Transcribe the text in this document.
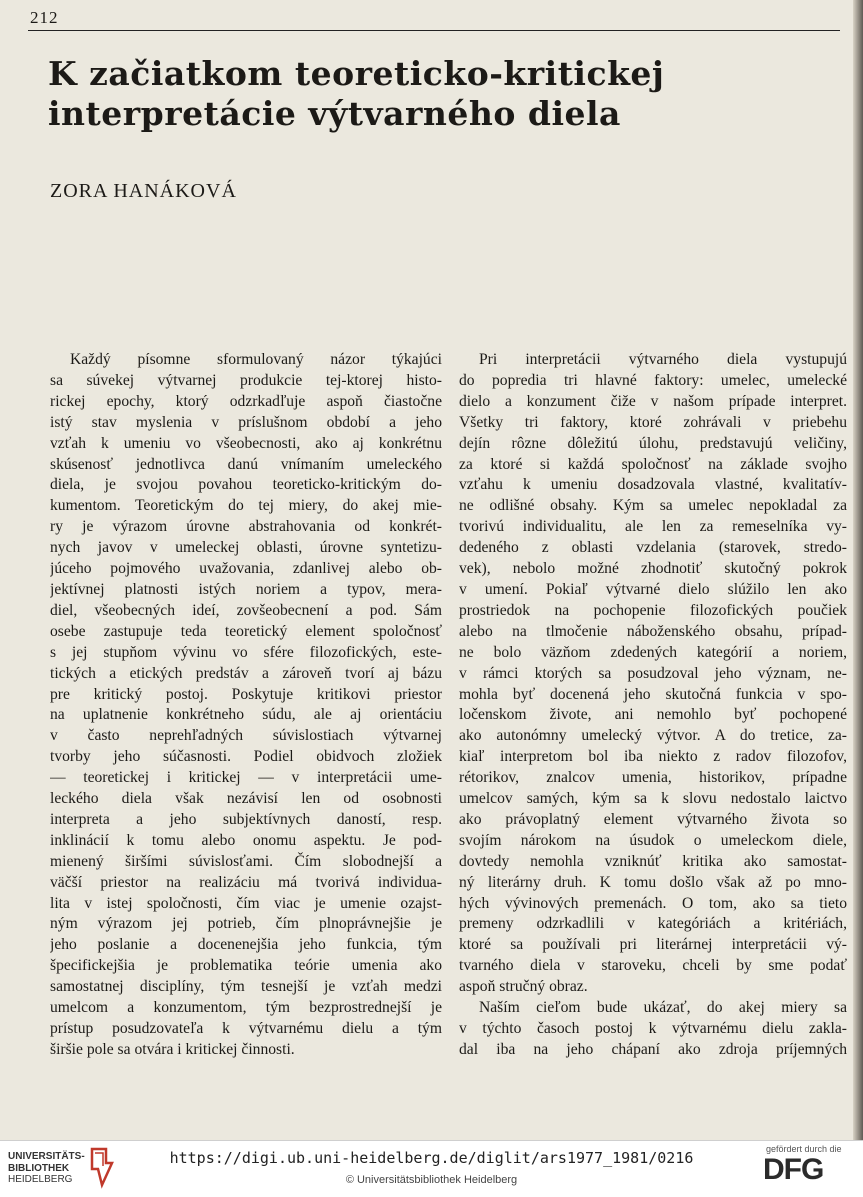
212
K začiatkom teoreticko-kritickej
interpretácie výtvarného diela
ZORA HANÁKOVÁ
Každý písomne sformulovaný názor týkajúci
sa súvekej výtvarnej produkcie tej-ktorej histo-
rickej epochy, ktorý odzrkadľuje aspoň čiastočne
istý stav myslenia v príslušnom období a jeho
vzťah k umeniu vo všeobecnosti, ako aj konkrétnu
skúsenosť jednotlivca danú vnímaním umeleckého
diela, je svojou povahou teoreticko-kritickým do-
kumentom. Teoretickým do tej miery, do akej mie-
ry je výrazom úrovne abstrahovania od konkrét-
nych javov v umeleckej oblasti, úrovne syntetizu-
júceho pojmového uvažovania, zdanlivej alebo ob-
jektívnej platnosti istých noriem a typov, mera-
diel, všeobecných ideí, zovšeobecnení a pod. Sám
osebe zastupuje teda teoretický element spoločnosť
s jej stupňom vývinu vo sfére filozofických, este-
tických a etických predstáv a zároveň tvorí aj bázu
pre kritický postoj. Poskytuje kritikovi priestor
na uplatnenie konkrétneho súdu, ale aj orientáciu
v často neprehľadných súvislostiach výtvarnej
tvorby jeho súčasnosti. Podiel obidvoch zložiek
— teoretickej i kritickej — v interpretácii ume-
leckého diela však nezávisí len od osobnosti
interpreta a jeho subjektívnych daností, resp.
inklinácií k tomu alebo onomu aspektu. Je pod-
mienený širšími súvislosťami. Čím slobodnejší a
väčší priestor na realizáciu má tvorivá individua-
lita v istej spoločnosti, čím viac je umenie ozajst-
ným výrazom jej potrieb, čím plnoprávnejšie je
jeho poslanie a docenenejšia jeho funkcia, tým
špecifickejšia je problematika teórie umenia ako
samostatnej disciplíny, tým tesnejší je vzťah medzi
umelcom a konzumentom, tým bezprostrednejší je
prístup posudzovateľa k výtvarnému dielu a tým
širšie pole sa otvára i kritickej činnosti.
Pri interpretácii výtvarného diela vystupujú
do popredia tri hlavné faktory: umelec, umelecké
dielo a konzument čiže v našom prípade interpret.
Všetky tri faktory, ktoré zohrávali v priebehu
dejín rôzne dôležitú úlohu, predstavujú veličiny,
za ktoré si každá spoločnosť na základe svojho
vzťahu k umeniu dosadzovala vlastné, kvalitatív-
ne odlišné obsahy. Kým sa umelec nepokladal za
tvorivú individualitu, ale len za remeselníka vy-
dedeného z oblasti vzdelania (starovek, stredo-
vek), nebolo možné zhodnotiť skutočný pokrok
v umení. Pokiaľ výtvarné dielo slúžilo len ako
prostriedok na pochopenie filozofických poučiek
alebo na tlmočenie náboženského obsahu, prípad-
ne bolo väzňom zdedených kategórií a noriem,
v rámci ktorých sa posudzoval jeho význam, ne-
mohla byť docenená jeho skutočná funkcia v spo-
ločenskom živote, ani nemohlo byť pochopené
ako autonómny umelecký výtvor. A do tretice, za-
kiaľ interpretom bol iba niekto z radov filozofov,
rétorikov, znalcov umenia, historikov, prípadne
umelcov samých, kým sa k slovu nedostalo laictvo
ako právoplatný element výtvarného života so
svojím nárokom na úsudok o umeleckom diele,
dovtedy nemohla vzniknúť kritika ako samostat-
ný literárny druh. K tomu došlo však až po mno-
hých vývinových premenách. O tom, ako sa tieto
premeny odzrkadlili v kategóriách a kritériách,
ktoré sa používali pri literárnej interpretácii vý-
tvarného diela v staroveku, chceli by sme podať
aspoň stručný obraz.
Naším cieľom bude ukázať, do akej miery sa
v týchto časoch postoj k výtvarnému dielu zakla-
dal iba na jeho chápaní ako zdroja príjemných
UNIVERSITÄTS-
BIBLIOTHEK
HEIDELBERG
https://digi.ub.uni-heidelberg.de/diglit/ars1977_1981/0216
© Universitätsbibliothek Heidelberg
gefördert durch die
DFG
